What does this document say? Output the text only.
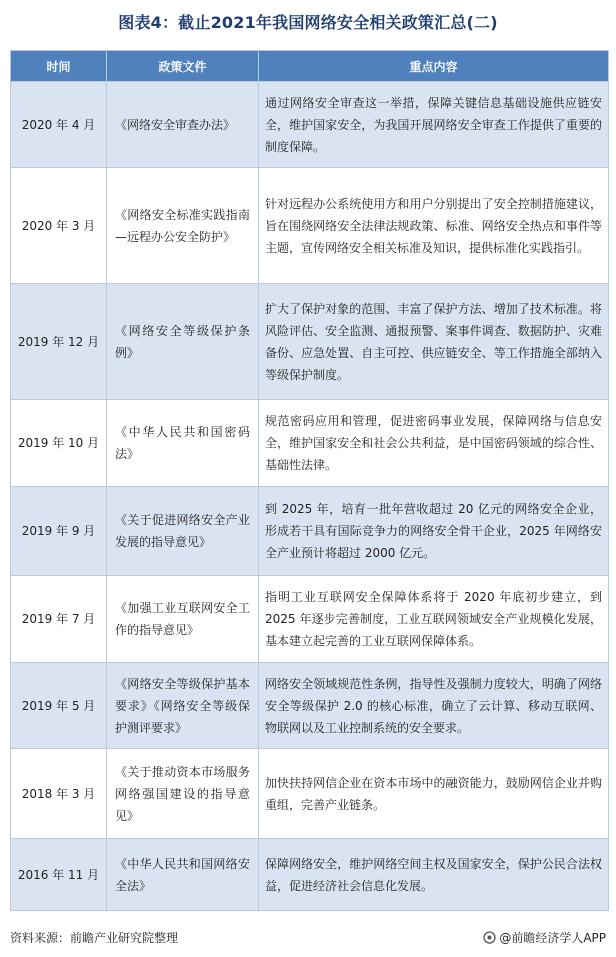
图表4：截止2021年我国网络安全相关政策汇总(二)
时间	政策文件	重点内容
2020 年 4 月	《网络安全审查办法》	通过网络安全审查这一举措，保障关键信息基础设施供应链安全，维护国家安全，为我国开展网络安全审查工作提供了重要的制度保障。
2020 年 3 月	《网络安全标准实践指南—远程办公安全防护》	针对远程办公系统使用方和用户分别提出了安全控制措施建议，旨在围绕网络安全法律法规政策、标准、网络安全热点和事件等主题，宣传网络安全相关标准及知识，提供标准化实践指引。
2019 年 12 月	《网络安全等级保护条例》	扩大了保护对象的范围、丰富了保护方法、增加了技术标准。将风险评估、安全监测、通报预警、案事件调查、数据防护、灾难备份、应急处置、自主可控、供应链安全、等工作措施全部纳入等级保护制度。
2019 年 10 月	《中华人民共和国密码法》	规范密码应用和管理，促进密码事业发展，保障网络与信息安全，维护国家安全和社会公共利益，是中国密码领域的综合性、基础性法律。
2019 年 9 月	《关于促进网络安全产业发展的指导意见》	到 2025 年，培育一批年营收超过 20 亿元的网络安全企业，形成若干具有国际竞争力的网络安全骨干企业，2025 年网络安全产业预计将超过 2000 亿元。
2019 年 7 月	《加强工业互联网安全工作的指导意见》	指明工业互联网安全保障体系将于 2020 年底初步建立，到 2025 年逐步完善制度，工业互联网领域安全产业规模化发展，基本建立起完善的工业互联网保障体系。
2019 年 5 月	《网络安全等级保护基本要求》《网络安全等级保护测评要求》	网络安全领域规范性条例，指导性及强制力度较大，明确了网络安全等级保护 2.0 的核心标准，确立了云计算、移动互联网、物联网以及工业控制系统的安全要求。
2018 年 3 月	《关于推动资本市场服务网络强国建设的指导意见》	加快扶持网信企业在资本市场中的融资能力，鼓励网信企业并购重组，完善产业链条。
2016 年 11 月	《中华人民共和国网络安全法》	保障网络安全，维护网络空间主权及国家安全，保护公民合法权益，促进经济社会信息化发展。
资料来源：前瞻产业研究院整理	@前瞻经济学人APP
